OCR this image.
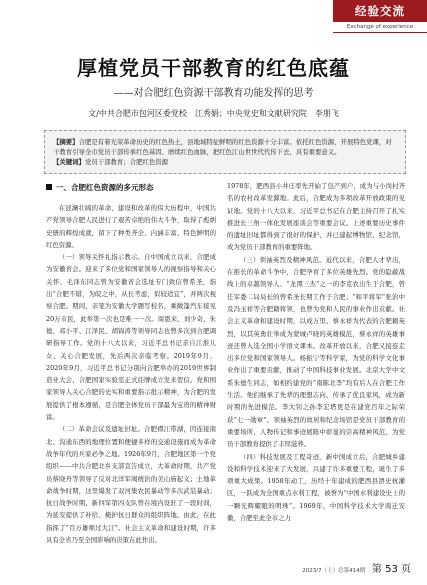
经验交流
Exchange of experience
厚植党员干部教育的红色底蕴
——对合肥红色资源干部教育功能发挥的思考
文/中共合肥市包河区委党校　江秀娟；中央党史和文献研究院　李朋飞
【摘要】合肥是有着光荣革命历史的红色热土，县地域特征鲜明的红色资源十分丰富。依托红色资源，开展特色党课，对干教育引导全市党员干部传承红色基因、磨续红色血脉，把红色江山世世代代传下去，具有重要意义。
【关键词】党员干部教育；合肥红色资源
一、合肥红色资源的多元形态

在波澜壮阔的革命、建设和改革的伟大历程中，中国共产党领导合肥人民进行了艰苦卓绝的伟大斗争，取得了彪炳史册的辉煌成就，留下了种类齐全、内涵丰富、特色鲜明的红色资源。

（一）领导关怀礼指示教示。自中国成立以来，合肥成为安徽省会。迎来了多位党和国家领导人的视察指导和关心关怀。毛泽东同志曾为安徽省会选址专门致信曾希圣，指出“合肥不错，为皖之中，从长考虑，似较适宜”，并两次视察合肥。期间，亲笔为安徽大学题写校名，乘敞篷汽车接见20万市民，此举第一次也是唯一一次。周恩来、刘少奇、朱德、邓小平、江泽民、胡锦涛等领导同志也曾多次到合肥调研指导工作。党的十八大以来，习近平总书记亲自江淮儿女、关心合肥发展，先后两次亲临考察。2019年9月、2020年9月，习近平总书记分别向合肥举办的2019世界制造业大会、合肥国家实验室正式挂牌成立发来贺信。党和国家领导人关心合肥的史实和重要指示批示精神，为合肥的发展提供了根本遵循，是合肥全体党员干部最为宝贵的精神财富。

（二）革命会议及遗址旧址。合肥襟江带湖，因连接南北、沟通东西的地理位置和便捷多样的交通设施而成为革命战争年代的兵家必争之地。1926年9月，合肥地区第一个党组织——中共合肥北乡支部宣告成立，大革命时期，共产党员蔡晓舟等领导了反对北洋军阀统治的美山庙起义；土地革命战争时期，这里爆发了双河集农民暴动等多次武装暴动；抗日战争时期，新四军第四支队曾在境内设驻了一段时间，为延安提供了补给、掩护抗日群众的组织阵地。由此，在此指挥了“百万雄师过大江”。社会主义革命和建设时期，许多具有全省乃至全国影响的决策在此作出。

1978年，肥西县小井庄率先开始了包产到户，成为与小岗村齐名的农村改革发源地。此后，合肥成为多项改革开放政策的见证地。党的十八大以来，习近平总书记在合肥主持召开了扎实推进长三角一体化发展座谈会等重要会议。上述重要历史事件的遗址旧址都得到了很好的保护，并已建起博物馆、纪念馆，成为党员干部教育的重要阵地。

（三）领袖英烈及精神风范。近代以来，合肥人才辈出，在推长的革命斗争中，合肥孕育了多位英雄先烈。党的隐蔽战线上的卓越领导人、“龙潭三杰”之一的李克农出生于合肥，曾任军委二局局长的曾希圣长期工作于合肥；“和平将军”张治中及冯玉祥等合肥籍将领，也曾为党和人民的事业作出贡献。社会主义革命和建设时期，以成万里、蔡永祥为代表的合肥籍英烈，以其英勇壮举成为蒙城卢晓的英雄模范，蔡永祥的英雄事迹还曾入选全国小学语文课本。改革开放以来，合肥又接连走出多位党和国家领导人。杨振宁等科学家，为党的科学文化事业作出了重要贡献，推动了中国科技事业发展。北京大学中文系朱德生同志，如相约建党的“南陈北李”均有后人在合肥工作生活。他们继承了先辈的理想志向、传承了优良家风，成为新时期的先进模范。李大钊之孙李宏塔更是在建党百年之际荣获“七一勋章”。领袖英烈的故居和纪念场馆是党员干部教育的重要场所，人物传记和事迹展陈中彰显的崇高精神风范，为党员干部教育提供了丰厚滋养。

（四）科技发展及工程奇迹。新中国成立后，合肥城乡建设和科学技术迎来了大发展，兴建了许多重要工程，诞生了多项重大成果。1958年动工、历经十年建成的肥西县淠史杭灌区，一跃成为全国重点水利工程，被誉为“中国水利建设史上的一颗光辉耀眼的明珠”。1969年，中国科学技术大学南迁安徽，合肥至此全市之力

2023/7（上）总第414期 第 53 页
